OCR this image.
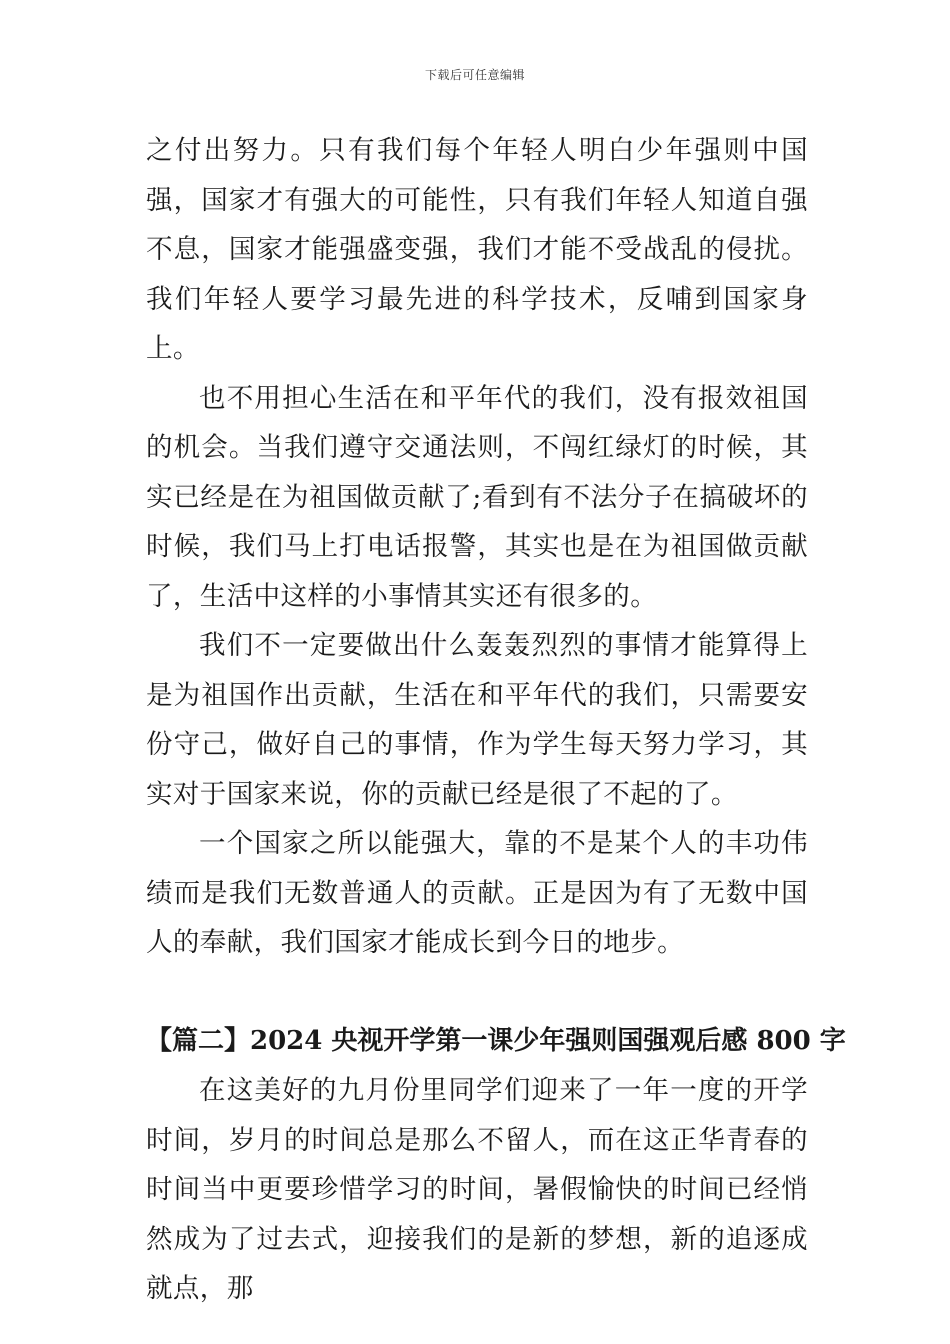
下载后可任意编辑

之付出努力。只有我们每个年轻人明白少年强则中国强，国家才有强大的可能性，只有我们年轻人知道自强不息，国家才能强盛变强，我们才能不受战乱的侵扰。我们年轻人要学习最先进的科学技术，反哺到国家身上。

也不用担心生活在和平年代的我们，没有报效祖国的机会。当我们遵守交通法则，不闯红绿灯的时候，其实已经是在为祖国做贡献了;看到有不法分子在搞破坏的时候，我们马上打电话报警，其实也是在为祖国做贡献了，生活中这样的小事情其实还有很多的。

我们不一定要做出什么轰轰烈烈的事情才能算得上是为祖国作出贡献，生活在和平年代的我们，只需要安份守己，做好自己的事情，作为学生每天努力学习，其实对于国家来说，你的贡献已经是很了不起的了。

一个国家之所以能强大，靠的不是某个人的丰功伟绩而是我们无数普通人的贡献。正是因为有了无数中国人的奉献，我们国家才能成长到今日的地步。

【篇二】2024 央视开学第一课少年强则国强观后感 800 字

在这美好的九月份里同学们迎来了一年一度的开学时间，岁月的时间总是那么不留人，而在这正华青春的时间当中更要珍惜学习的时间，暑假愉快的时间已经悄然成为了过去式，迎接我们的是新的梦想，新的追逐成就点，那
